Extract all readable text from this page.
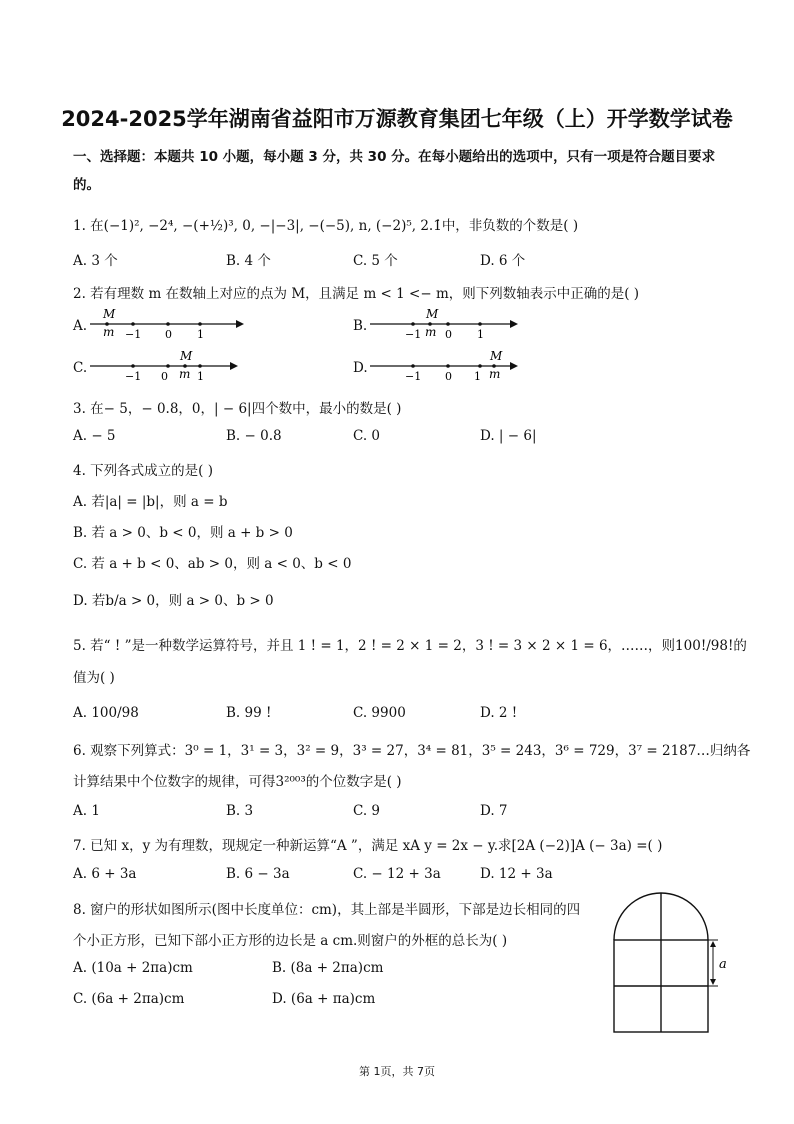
2024-2025学年湖南省益阳市万源教育集团七年级（上）开学数学试卷
一、选择题：本题共 10 小题，每小题 3 分，共 30 分。在每小题给出的选项中，只有一项是符合题目要求
的。
1. 在(−1)², −2⁴, −(+½)³, 0, −|−3|, −(−5), n, (−2)⁵, 2.1̇中，非负数的个数是( )
A. 3 个	B. 4 个	C. 5 个	D. 6 个
2. 若有理数 m 在数轴上对应的点为 M，且满足 m < 1 <− m，则下列数轴表示中正确的是( )
A.
M
m −1 0 1
B.
M
−1 m 0 1
C.
M
−1 0 m 1
D.
M
−1 0 1 m
3. 在− 5，− 0.8，0，| − 6|四个数中，最小的数是( )
A. − 5	B. − 0.8	C. 0	D. | − 6|
4. 下列各式成立的是( )
A. 若|a| = |b|，则 a = b
B. 若 a > 0、b < 0，则 a + b > 0
C. 若 a + b < 0、ab > 0，则 a < 0、b < 0
D. 若b/a > 0，则 a > 0、b > 0
5. 若“ ! ”是一种数学运算符号，并且 1 ! = 1，2 ! = 2 × 1 = 2，3 ! = 3 × 2 × 1 = 6，……，则100!/98!的
值为( )
A. 100/98	B. 99 !	C. 9900	D. 2 !
6. 观察下列算式：3⁰ = 1，3¹ = 3，3² = 9，3³ = 27，3⁴ = 81，3⁵ = 243，3⁶ = 729，3⁷ = 2187…归纳各
计算结果中个位数字的规律，可得3²⁰⁰³的个位数字是( )
A. 1	B. 3	C. 9	D. 7
7. 已知 x，y 为有理数，现规定一种新运算“A ”，满足 xA y = 2x − y.求[2A (−2)]A (− 3a) =( )
A. 6 + 3a	B. 6 − 3a	C. − 12 + 3a	D. 12 + 3a
8. 窗户的形状如图所示(图中长度单位：cm)，其上部是半圆形，下部是边长相同的四
个小正方形，已知下部小正方形的边长是 a cm.则窗户的外框的总长为( )
A. (10a + 2πa)cm	B. (8a + 2πa)cm
C. (6a + 2πa)cm	D. (6a + πa)cm
a
第 1页，共 7页
